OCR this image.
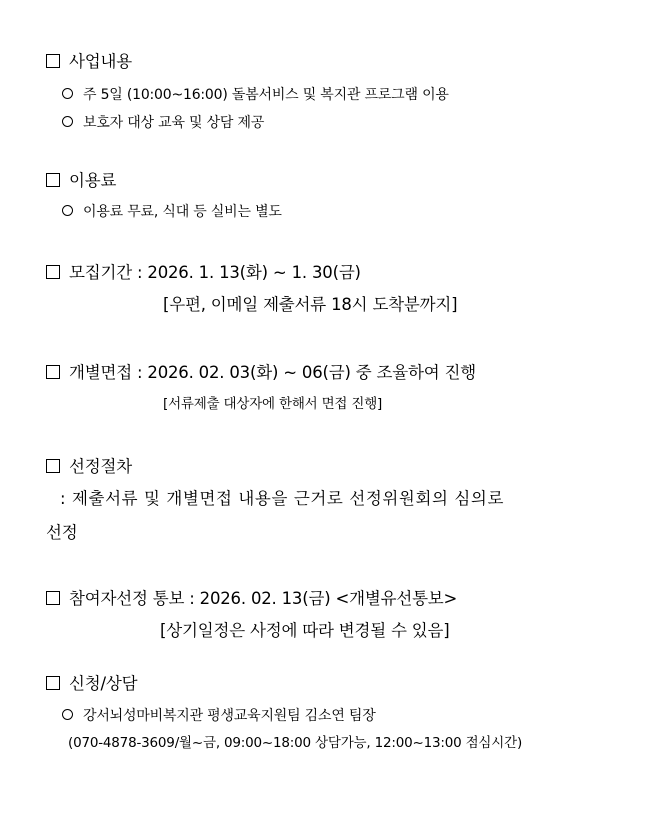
사업내용
주 5일 (10:00~16:00) 돌봄서비스 및 복지관 프로그램 이용
보호자 대상 교육 및 상담 제공
이용료
이용료 무료, 식대 등 실비는 별도
모집기간 : 2026. 1. 13(화) ~ 1. 30(금)
[우편, 이메일 제출서류 18시 도착분까지]
개별면접 : 2026. 02. 03(화) ~ 06(금) 중 조율하여 진행
[서류제출 대상자에 한해서 면접 진행]
선정절차
: 제출서류 및 개별면접 내용을 근거로 선정위원회의 심의로
선정
참여자선정 통보 : 2026. 02. 13(금) <개별유선통보>
[상기일정은 사정에 따라 변경될 수 있음]
신청/상담
강서뇌성마비복지관 평생교육지원팀 김소연 팀장
(070-4878-3609/월~금, 09:00~18:00 상담가능, 12:00~13:00 점심시간)
